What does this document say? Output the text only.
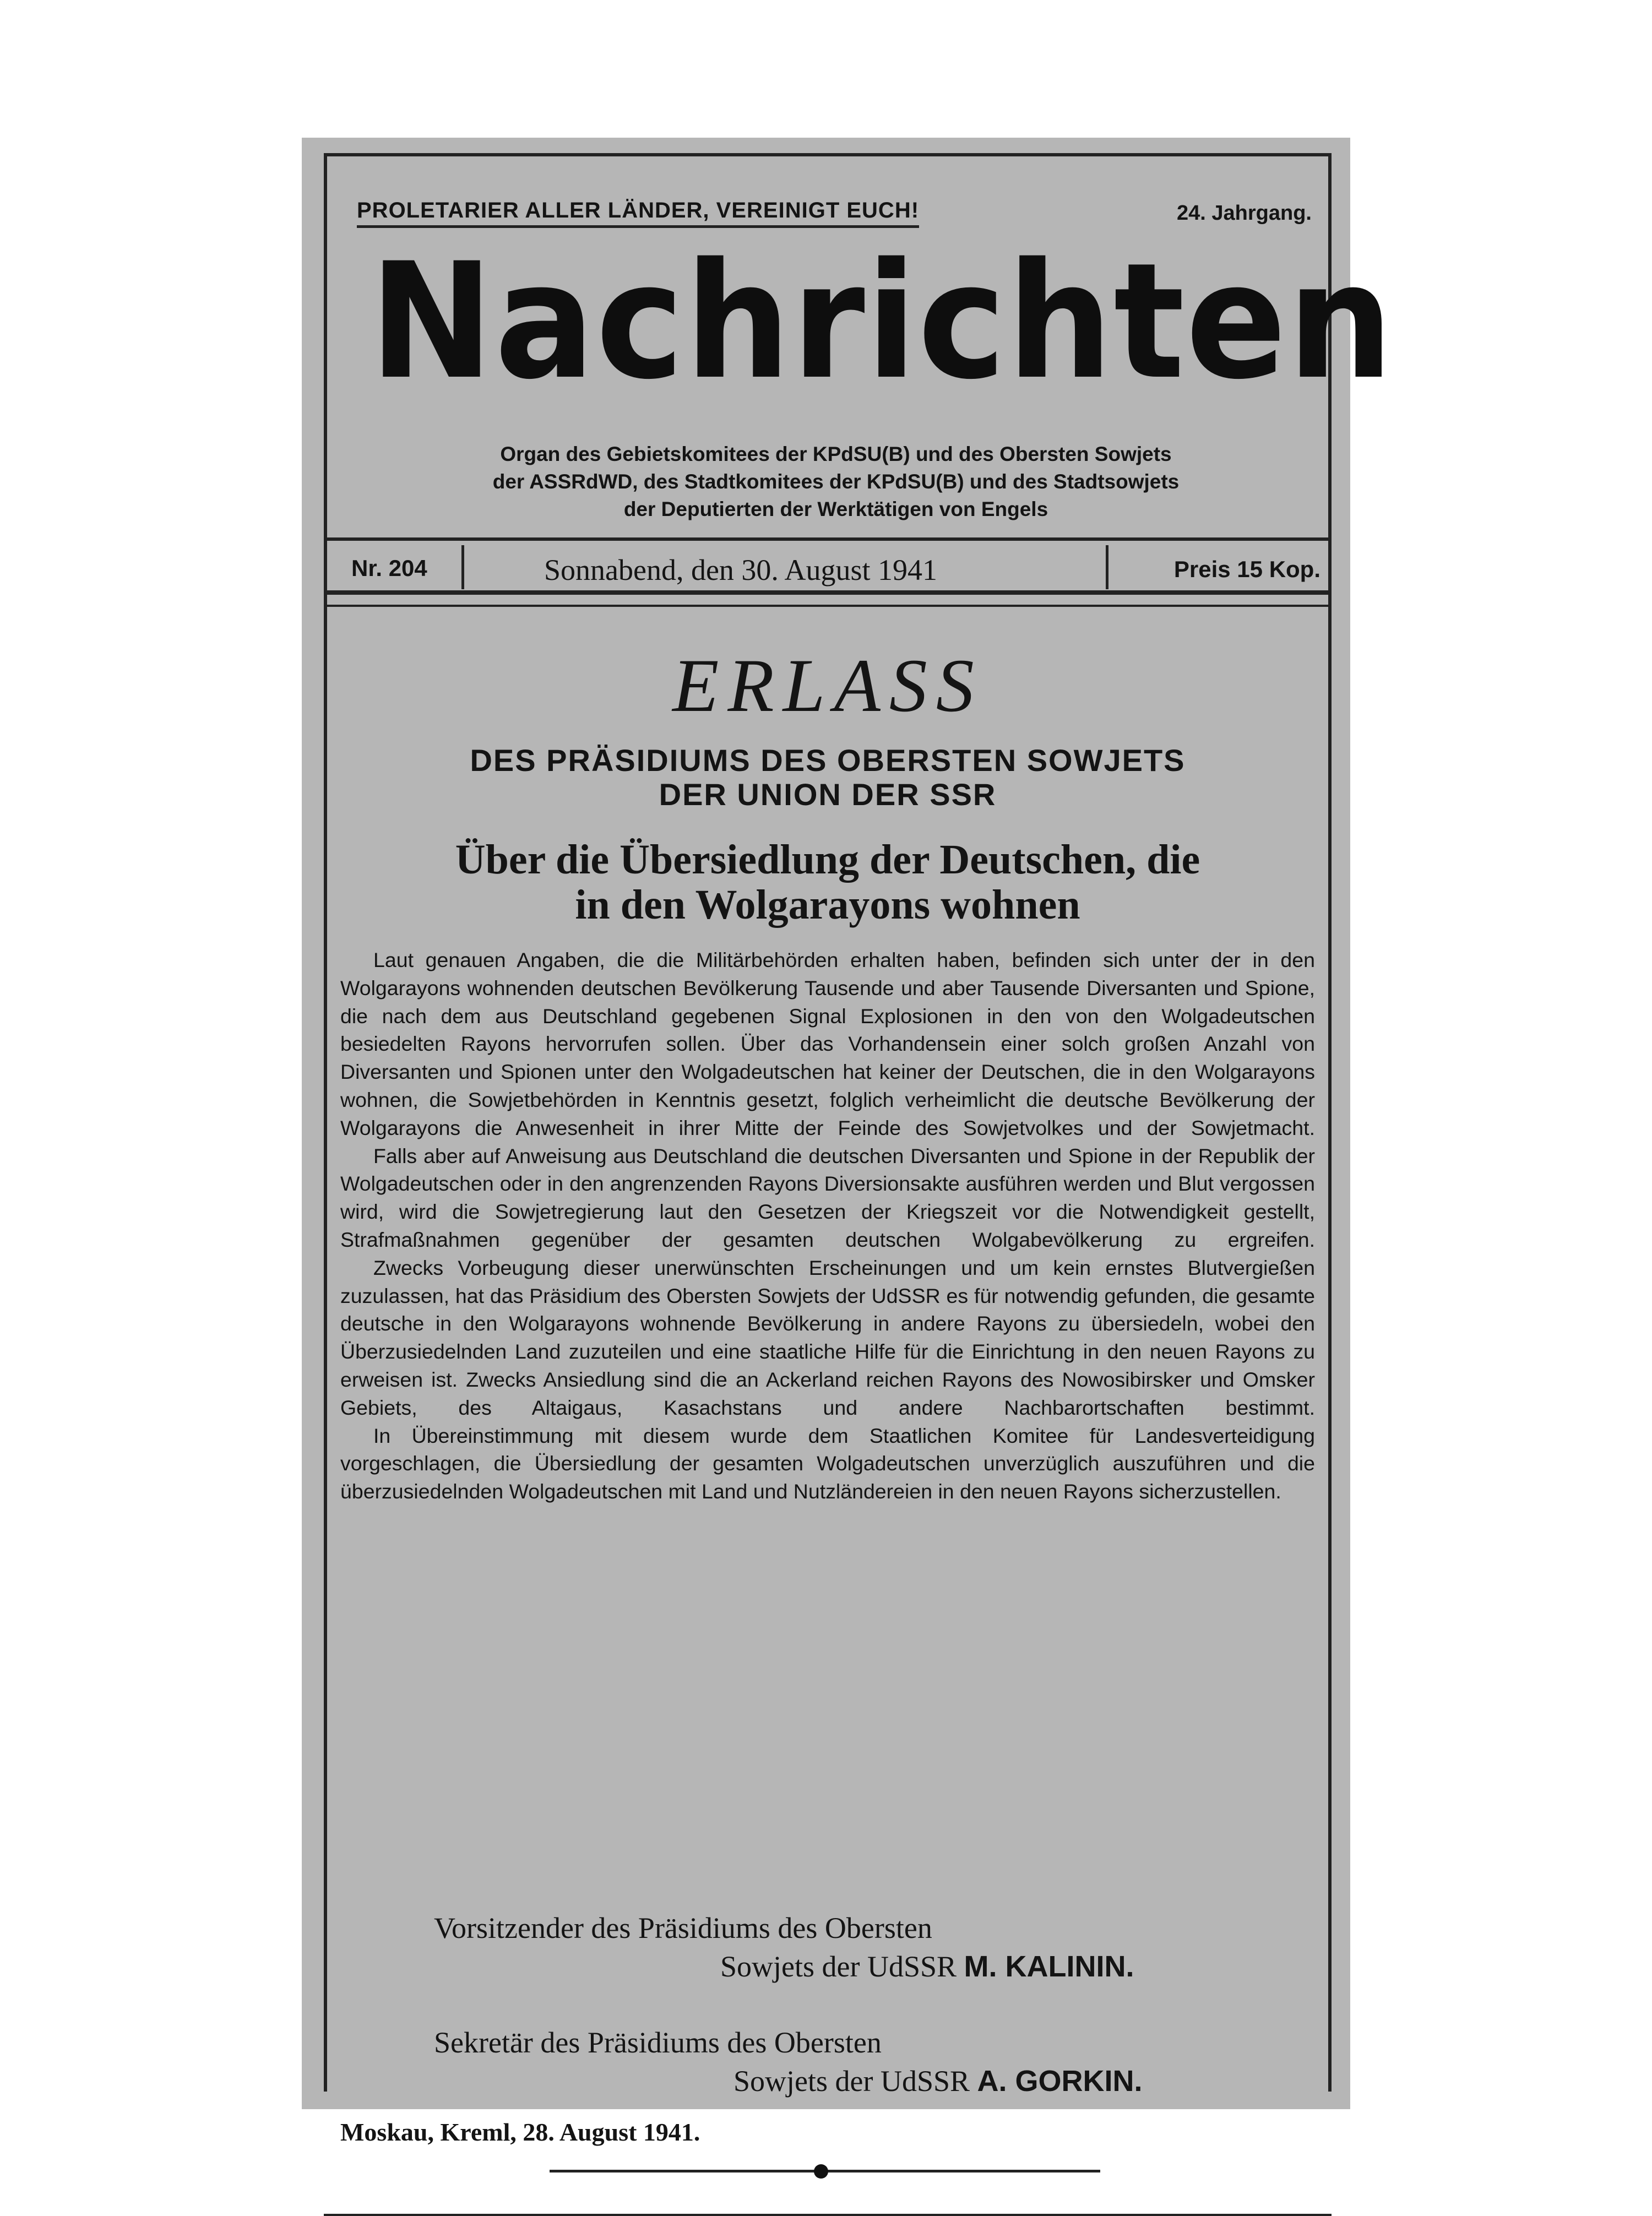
PROLETARIER ALLER LÄNDER, VEREINIGT EUCH!	24. Jahrgang.
Nachrichten
Organ des Gebietskomitees der KPdSU(B) und des Obersten Sowjets
der ASSRdWD, des Stadtkomitees der KPdSU(B) und des Stadtsowjets
der Deputierten der Werktätigen von Engels
Nr. 204	Sonnabend, den 30. August 1941	Preis 15 Kop.
ERLASS
DES PRÄSIDIUMS DES OBERSTEN SOWJETS
DER UNION DER SSR
Über die Übersiedlung der Deutschen, die
in den Wolgarayons wohnen

Laut genauen Angaben, die die Militärbehörden erhalten haben, befinden sich unter der in den Wolgarayons wohnenden deutschen Bevölkerung Tausende und aber Tausende Diversanten und Spione, die nach dem aus Deutschland gegebenen Signal Explosionen in den von den Wolgadeutschen besiedelten Rayons hervorrufen sollen. Über das Vorhandensein einer solch großen Anzahl von Diversanten und Spionen unter den Wolgadeutschen hat keiner der Deutschen, die in den Wolgarayons wohnen, die Sowjetbehörden in Kenntnis gesetzt, folglich verheimlicht die deutsche Bevölkerung der Wolgarayons die Anwesenheit in ihrer Mitte der Feinde des Sowjetvolkes und der Sowjetmacht.

Falls aber auf Anweisung aus Deutschland die deutschen Diversanten und Spione in der Republik der Wolgadeutschen oder in den angrenzenden Rayons Diversionsakte ausführen werden und Blut vergossen wird, wird die Sowjetregierung laut den Gesetzen der Kriegszeit vor die Notwendigkeit gestellt, Strafmaßnahmen gegenüber der gesamten deutschen Wolgabevölkerung zu ergreifen.

Zwecks Vorbeugung dieser unerwünschten Erscheinungen und um kein ernstes Blutvergießen zuzulassen, hat das Präsidium des Obersten Sowjets der UdSSR es für notwendig gefunden, die gesamte deutsche in den Wolgarayons wohnende Bevölkerung in andere Rayons zu übersiedeln, wobei den Überzusiedelnden Land zuzuteilen und eine staatliche Hilfe für die Einrichtung in den neuen Rayons zu erweisen ist. Zwecks Ansiedlung sind die an Ackerland reichen Rayons des Nowosibirsker und Omsker Gebiets, des Altaigaus, Kasachstans und andere Nachbarortschaften bestimmt.

In Übereinstimmung mit diesem wurde dem Staatlichen Komitee für Landesverteidigung vorgeschlagen, die Übersiedlung der gesamten Wolgadeutschen unverzüglich auszuführen und die überzusiedelnden Wolgadeutschen mit Land und Nutzländereien in den neuen Rayons sicherzustellen.

Vorsitzender des Präsidiums des Obersten
Sowjets der UdSSR M. KALININ.
Sekretär des Präsidiums des Obersten
Sowjets der UdSSR A. GORKIN.
Moskau, Kreml, 28. August 1941.
